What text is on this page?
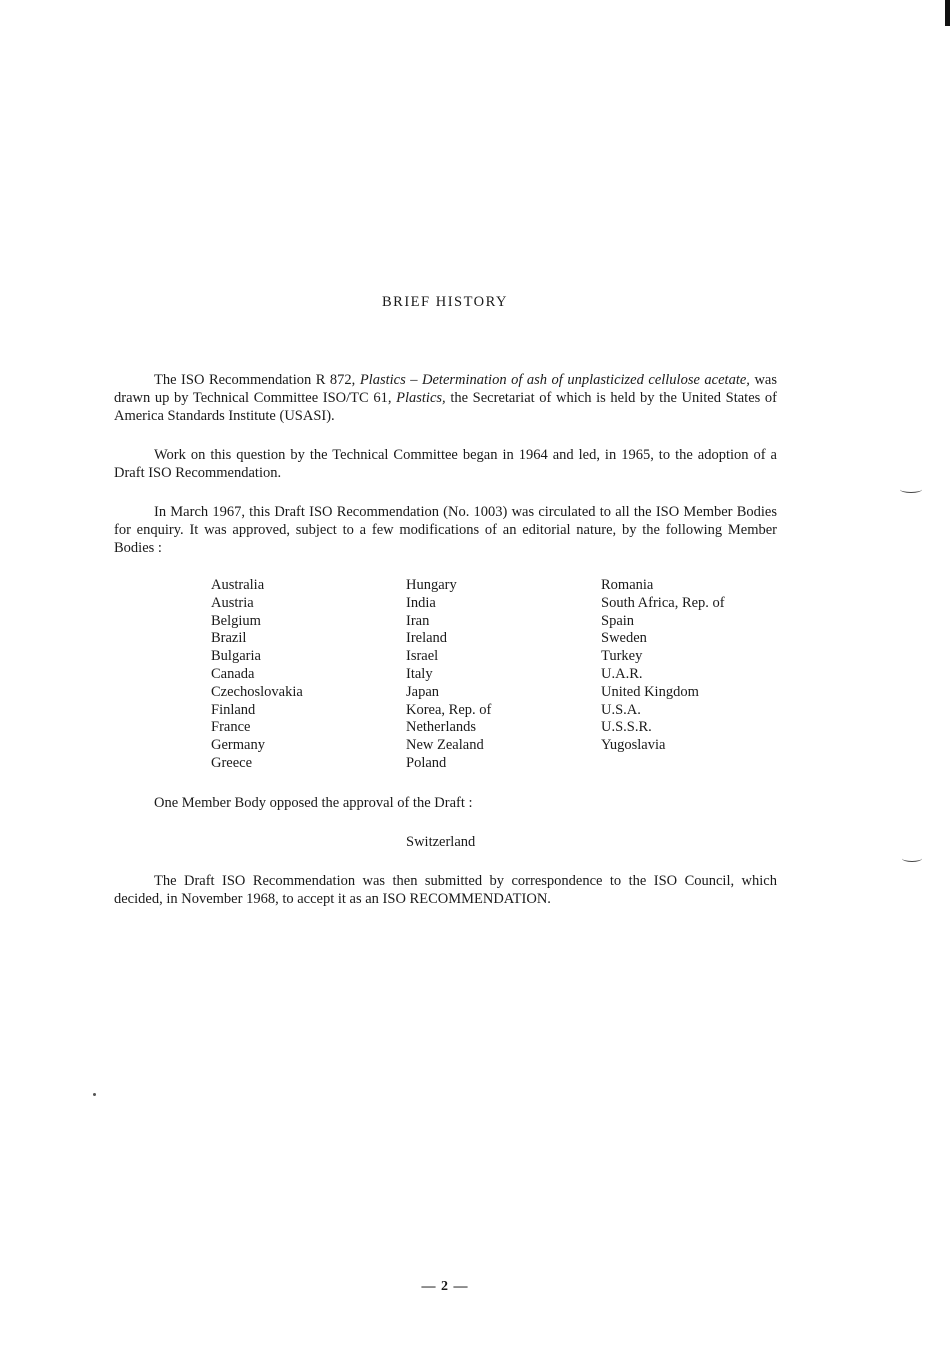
BRIEF HISTORY

The ISO Recommendation R 872, Plastics – Determination of ash of unplasticized cellulose acetate, was drawn up by Technical Committee ISO/TC 61, Plastics, the Secretariat of which is held by the United States of America Standards Institute (USASI).

Work on this question by the Technical Committee began in 1964 and led, in 1965, to the adoption of a Draft ISO Recommendation.

In March 1967, this Draft ISO Recommendation (No. 1003) was circulated to all the ISO Member Bodies for enquiry. It was approved, subject to a few modifications of an editorial nature, by the following Member Bodies :

Australia
Austria
Belgium
Brazil
Bulgaria
Canada
Czechoslovakia
Finland
France
Germany
Greece
Hungary
India
Iran
Ireland
Israel
Italy
Japan
Korea, Rep. of
Netherlands
New Zealand
Poland
Romania
South Africa, Rep. of
Spain
Sweden
Turkey
U.A.R.
United Kingdom
U.S.A.
U.S.S.R.
Yugoslavia

One Member Body opposed the approval of the Draft :

Switzerland

The Draft ISO Recommendation was then submitted by correspondence to the ISO Council, which decided, in November 1968, to accept it as an ISO RECOMMENDATION.

— 2 —
